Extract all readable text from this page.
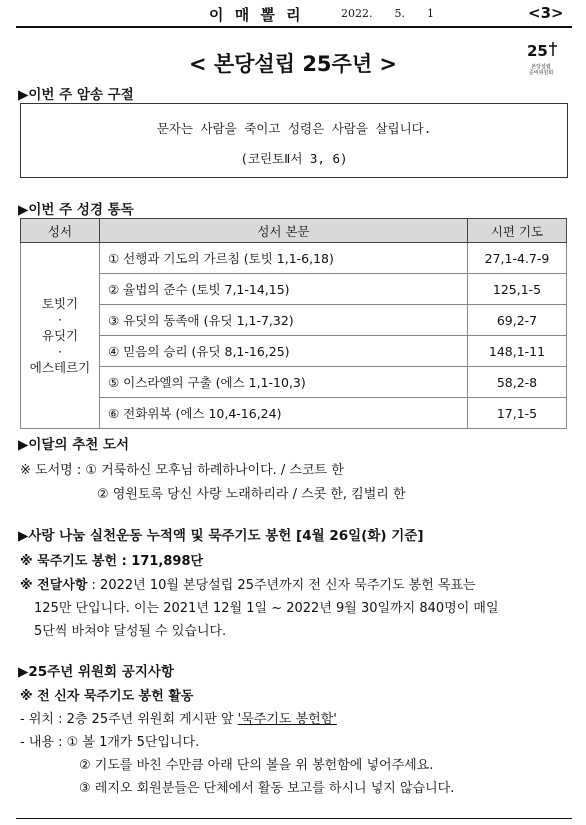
이 매 뽈 리	2022. 5. 1	<3>
< 본당설립 25주년 >
25
본당설립
준비위원회
▶이번 주 암송 구절
문자는 사람을 죽이고 성령은 사람을 살립니다.
(코린토Ⅱ서 3, 6)
▶이번 주 성경 통독
성서	성서 본문	시편 기도

토빗기
·
유딧기
·
에스테르기	① 선행과 기도의 가르침 (토빗 1,1-6,18)	27,1-4.7-9
	② 율법의 준수 (토빗 7,1-14,15)	125,1-5
	③ 유딧의 동족애 (유딧 1,1-7,32)	69,2-7
	④ 믿음의 승리 (유딧 8,1-16,25)	148,1-11
	⑤ 이스라엘의 구출 (에스 1,1-10,3)	58,2-8
	⑥ 전화위복 (에스 10,4-16,24)	17,1-5
▶이달의 추천 도서
※ 도서명 : ① 거룩하신 모후님 하례하나이다. / 스코트 한
② 영원토록 당신 사랑 노래하리라 / 스콧 한, 킴벌리 한
▶사랑 나눔 실천운동 누적액 및 묵주기도 봉헌 [4월 26일(화) 기준]
※ 묵주기도 봉헌 : 171,898단
※ 전달사항 : 2022년 10월 본당설립 25주년까지 전 신자 묵주기도 봉헌 목표는
125만 단입니다. 이는 2021년 12월 1일 ~ 2022년 9월 30일까지 840명이 매일
5단씩 바쳐야 달성될 수 있습니다.
▶25주년 위원회 공지사항
※ 전 신자 묵주기도 봉헌 활동
- 위치 : 2층 25주년 위원회 게시판 앞 '묵주기도 봉헌함'
- 내용 : ① 볼 1개가 5단입니다.
② 기도를 바친 수만큼 아래 단의 볼을 위 봉헌함에 넣어주세요.
③ 레지오 회원분들은 단체에서 활동 보고를 하시니 넣지 않습니다.
